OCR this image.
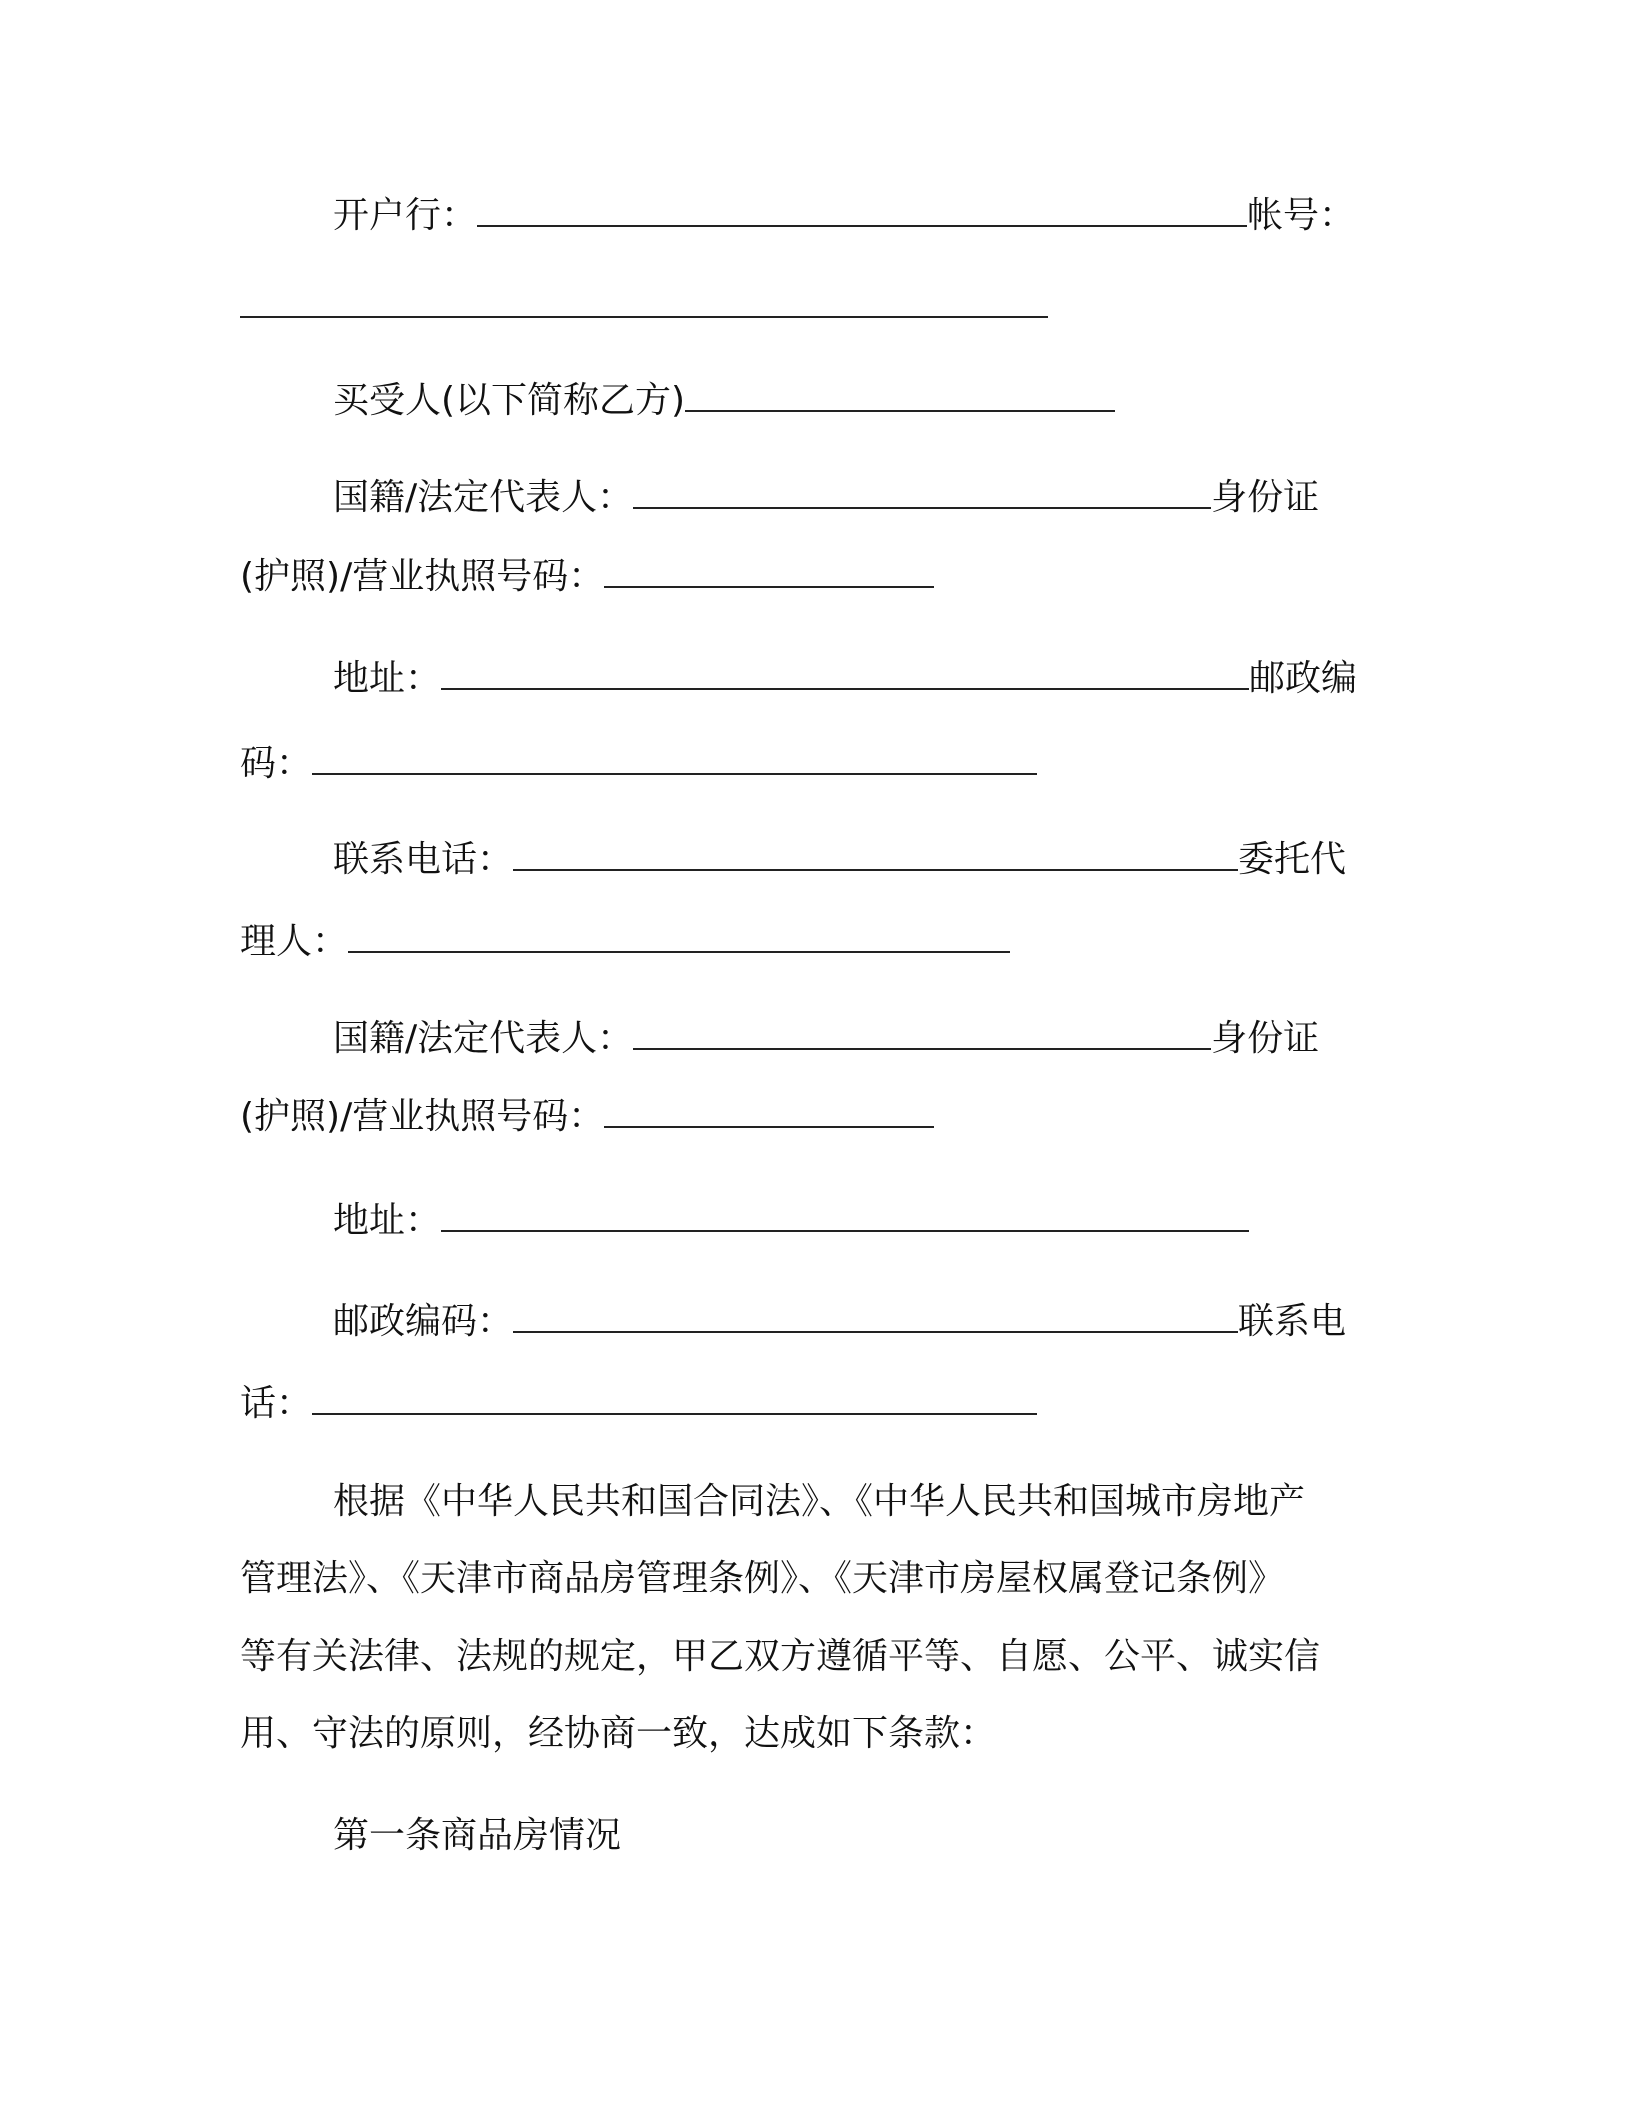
开户行：	帐号：
买受人(以下简称乙方)
国籍/法定代表人：	身份证
(护照)/营业执照号码：
地址：	邮政编
码：
联系电话：	委托代
理人：
国籍/法定代表人：	身份证
(护照)/营业执照号码：
地址：
邮政编码：	联系电
话：
根据《中华人民共和国合同法》、《中华人民共和国城市房地产
管理法》、《天津市商品房管理条例》、《天津市房屋权属登记条例》
等有关法律、法规的规定，甲乙双方遵循平等、自愿、公平、诚实信
用、守法的原则，经协商一致，达成如下条款：
第一条商品房情况
